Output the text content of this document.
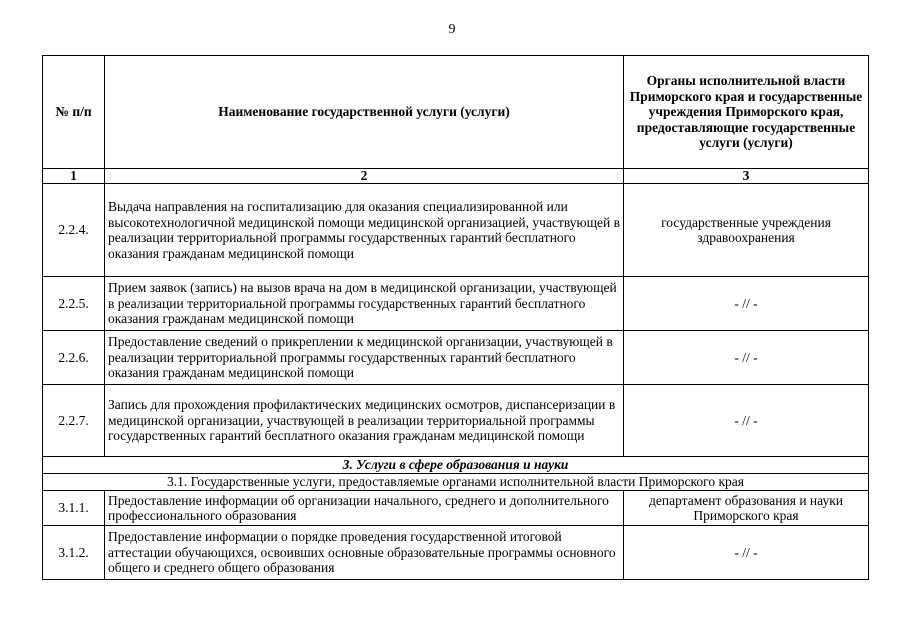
9
№ п/п	Наименование государственной услуги (услуги)	Органы исполнительной власти Приморского края и государственные учреждения Приморского края, предоставляющие государственные услуги (услуги)
1	2	3
2.2.4.	Выдача направления на госпитализацию для оказания специализированной или высокотехнологичной медицинской помощи медицинской организацией, участвующей в реализации территориальной программы государственных гарантий бесплатного оказания гражданам медицинской помощи	государственные учреждения здравоохранения
2.2.5.	Прием заявок (запись) на вызов врача на дом в медицинской организации, участвующей в реализации территориальной программы государственных гарантий бесплатного оказания гражданам медицинской помощи	- // -
2.2.6.	Предоставление сведений о прикреплении к медицинской организации, участвующей в реализации территориальной программы государственных гарантий бесплатного оказания гражданам медицинской помощи	- // -
2.2.7.	Запись для прохождения профилактических медицинских осмотров, диспансеризации в медицинской организации, участвующей в реализации территориальной программы государственных гарантий бесплатного оказания гражданам медицинской помощи	- // -
3. Услуги в сфере образования и науки		
3.1. Государственные услуги, предоставляемые органами исполнительной власти Приморского края		
3.1.1.	Предоставление информации об организации начального, среднего и дополнительного профессионального образования	департамент образования и науки Приморского края
3.1.2.	Предоставление информации о порядке проведения государственной итоговой аттестации обучающихся, освоивших основные образовательные программы основного общего и среднего общего образования	- // -
